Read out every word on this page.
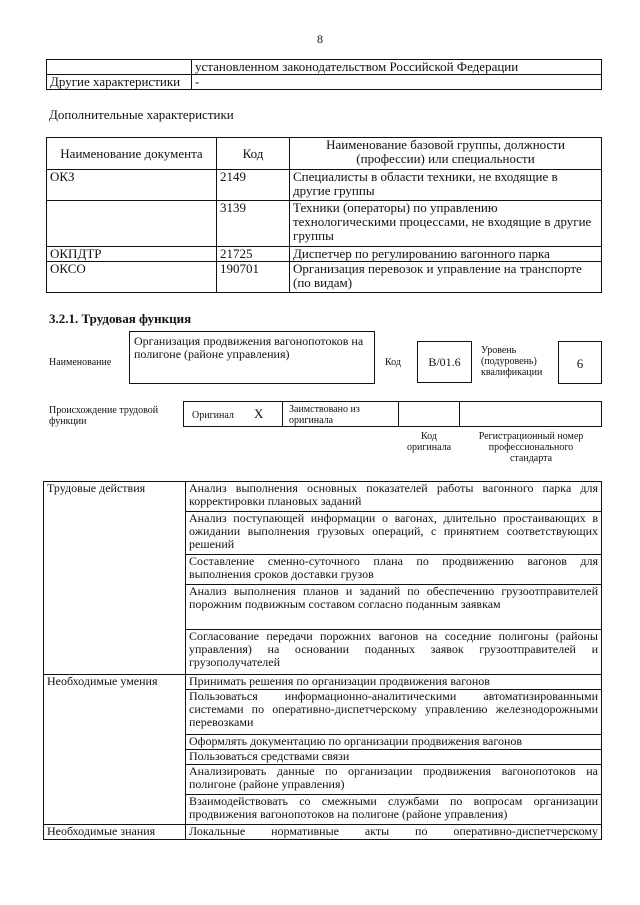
8
	установленном законодательством Российской Федерации
Другие характеристики	-
Дополнительные характеристики
Наименование документа	Код	Наименование базовой группы, должности (профессии) или специальности
ОКЗ	2149	Специалисты в области техники, не входящие в другие группы
	3139	Техники (операторы) по управлению технологическими процессами, не входящие в другие группы
ОКПДТР	21725	Диспетчер по регулированию вагонного парка
ОКСО	190701	Организация перевозок и управление на транспорте (по видам)
3.2.1. Трудовая функция
Наименование
Организация продвижения вагонопотоков на полигоне (районе управления)
Код	B/01.6
Уровень (подуровень) квалификации
6
Происхождение трудовой функции
Оригинал X	Заимствовано из оригинала
Код оригинала
Регистрационный номер профессионального стандарта
Трудовые действия	Анализ выполнения основных показателей работы вагонного парка для корректировки плановых заданий
	Анализ поступающей информации о вагонах, длительно простаивающих в ожидании выполнения грузовых операций, с принятием соответствующих решений
	Составление сменно-суточного плана по продвижению вагонов для выполнения сроков доставки грузов
	Анализ выполнения планов и заданий по обеспечению грузоотправителей порожним подвижным составом согласно поданным заявкам
	Согласование передачи порожних вагонов на соседние полигоны (районы управления) на основании поданных заявок грузоотправителей и грузополучателей
Необходимые умения	Принимать решения по организации продвижения вагонов
	Пользоваться информационно-аналитическими автоматизированными системами по оперативно-диспетчерскому управлению железнодорожными перевозками
	Оформлять документацию по организации продвижения вагонов
	Пользоваться средствами связи
	Анализировать данные по организации продвижения вагонопотоков на полигоне (районе управления)
	Взаимодействовать со смежными службами по вопросам организации продвижения вагонопотоков на полигоне (районе управления)
Необходимые знания	Локальные нормативные акты по оперативно-диспетчерскому
